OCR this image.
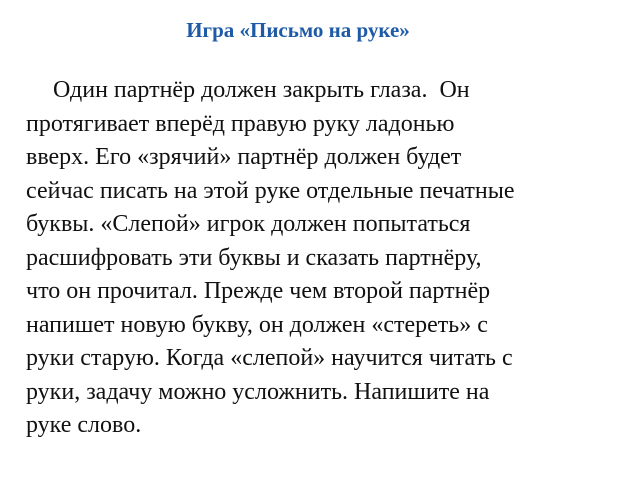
Игра «Письмо на руке»
Один партнёр должен закрыть глаза.  Он
протягивает вперёд правую руку ладонью
вверх. Его «зрячий» партнёр должен будет
сейчас писать на этой руке отдельные печатные
буквы. «Слепой» игрок должен попытаться
расшифровать эти буквы и сказать партнёру,
что он прочитал. Прежде чем второй партнёр
напишет новую букву, он должен «стереть» с
руки старую. Когда «слепой» научится читать с
руки, задачу можно усложнить. Напишите на
руке слово.
